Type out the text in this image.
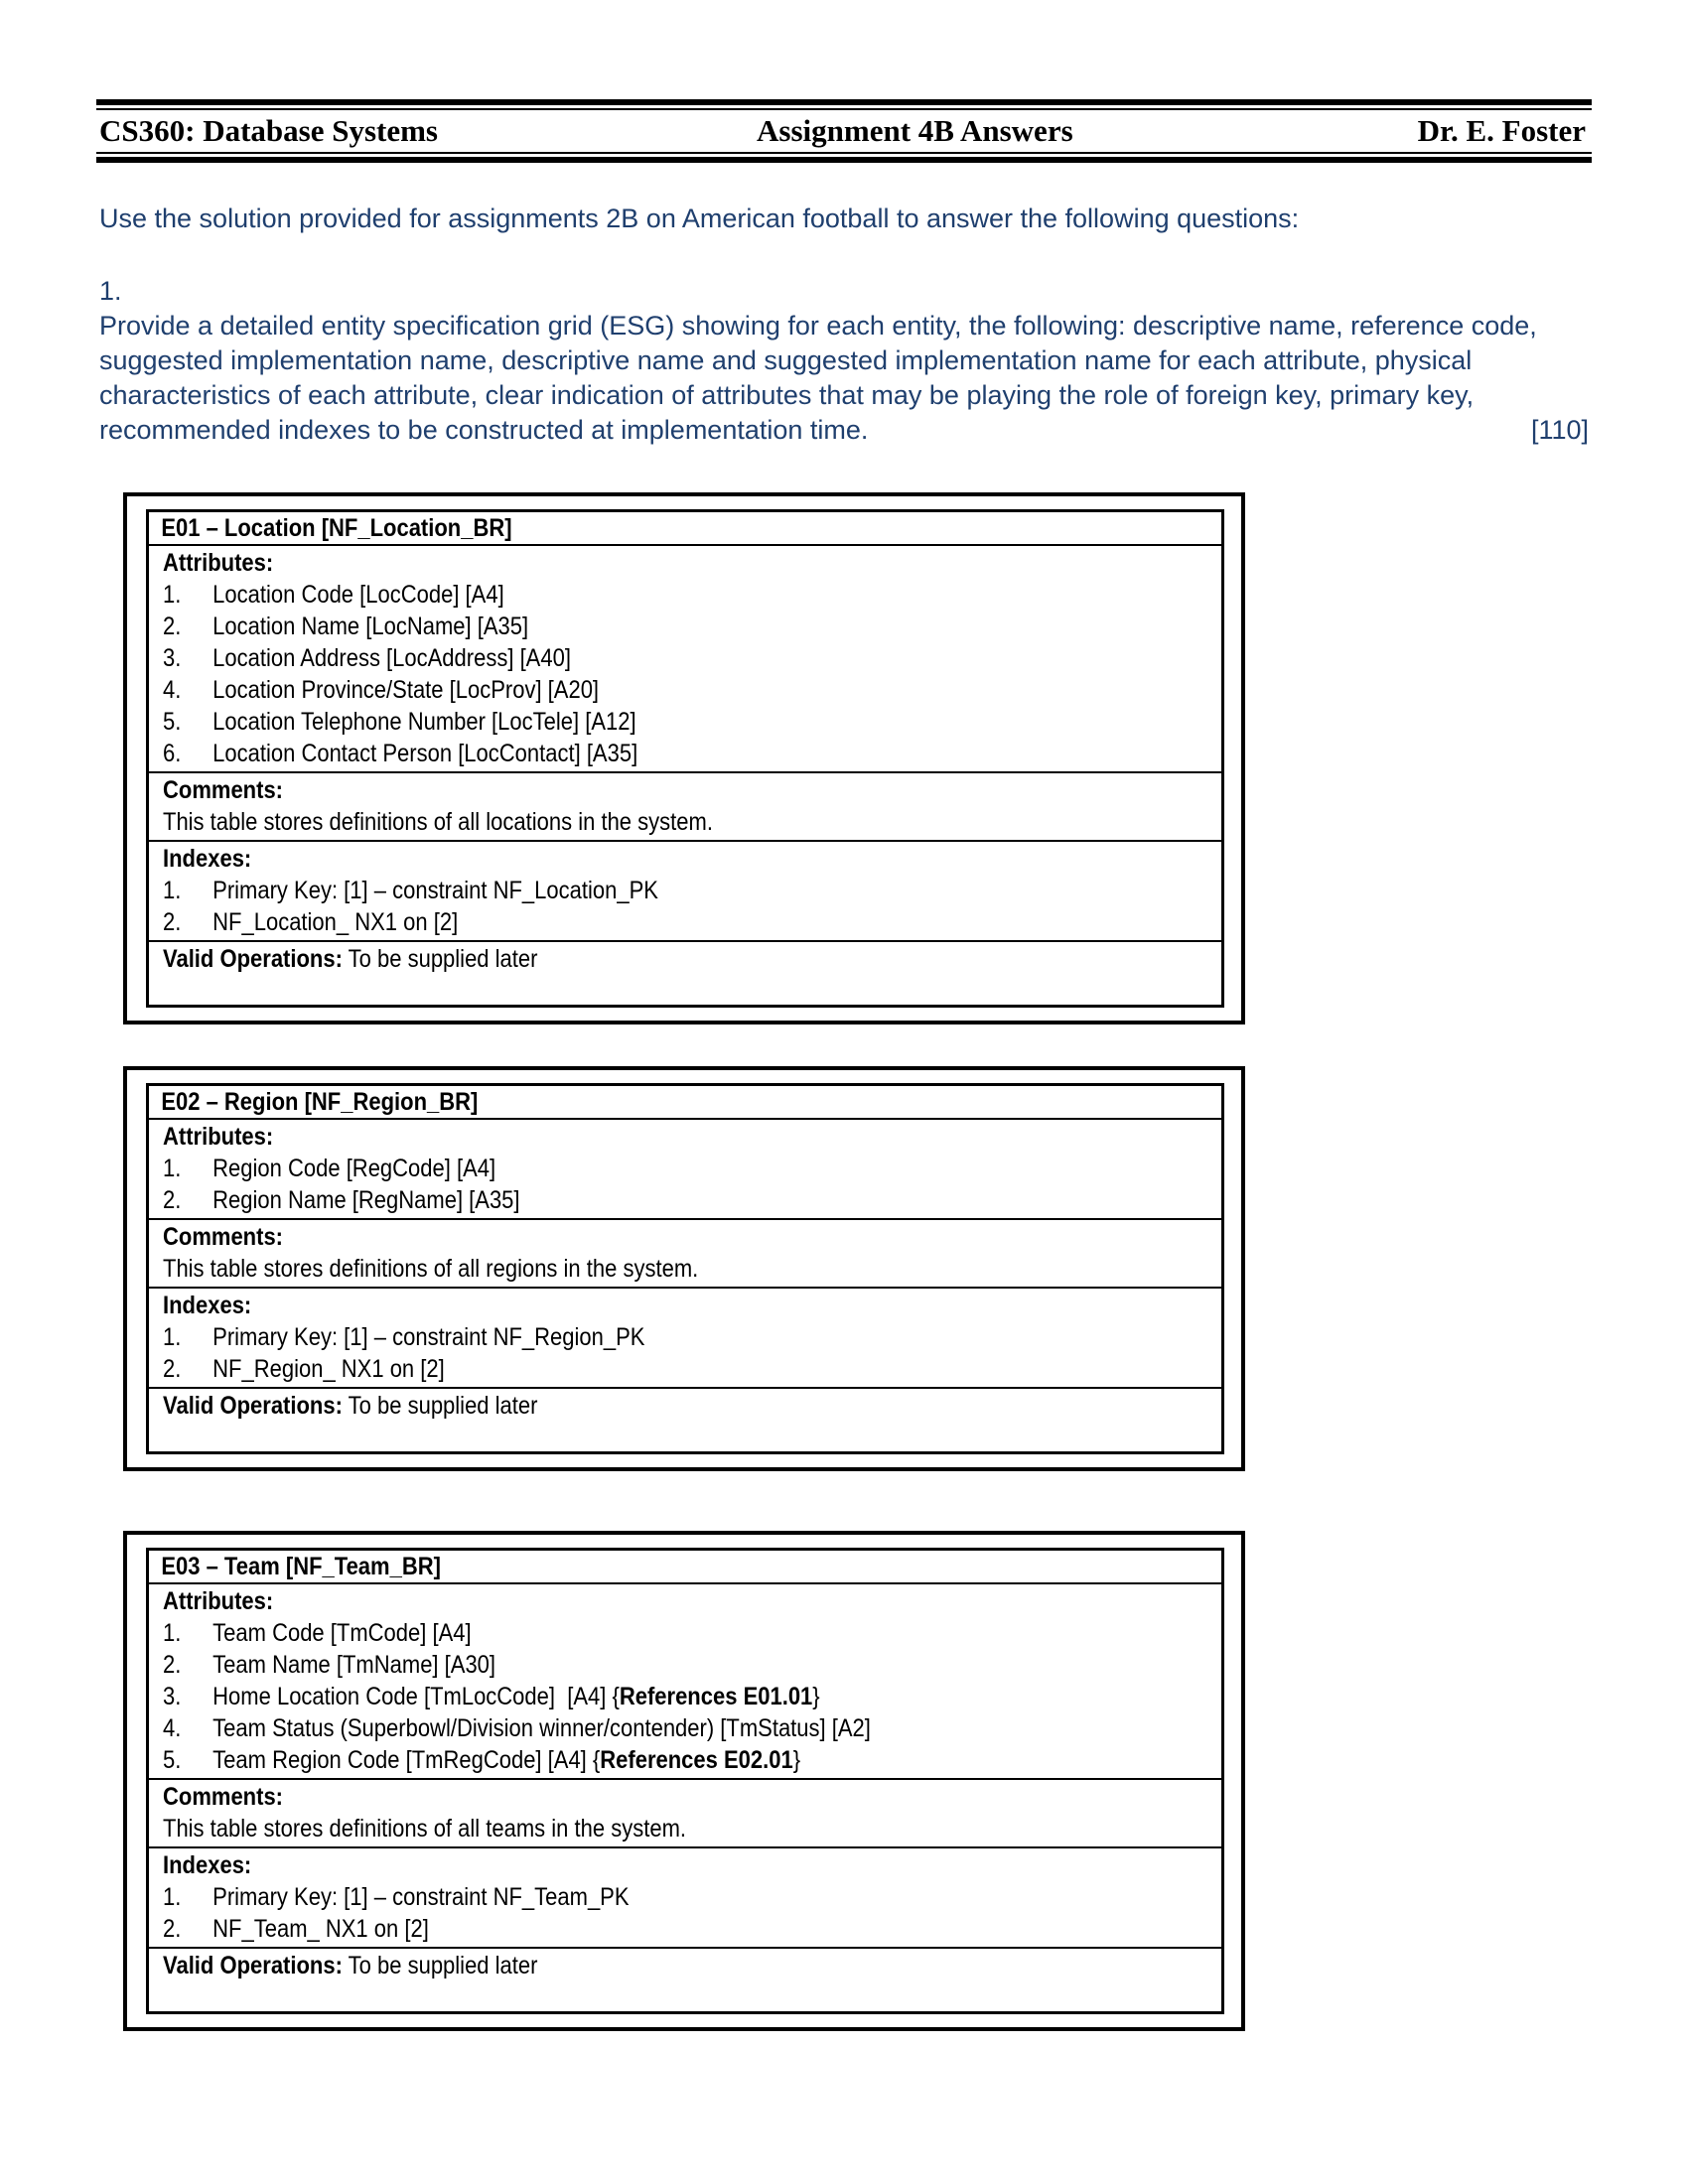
CS360: Database Systems	Assignment 4B Answers	Dr. E. Foster
Use the solution provided for assignments 2B on American football to answer the following questions:
1.
Provide a detailed entity specification grid (ESG) showing for each entity, the following: descriptive name, reference code, suggested implementation name, descriptive name and suggested implementation name for each attribute, physical characteristics of each attribute, clear indication of attributes that may be playing the role of foreign key, primary key, recommended indexes to be constructed at implementation time.	[110]
E01 – Location [NF_Location_BR]
Attributes:
1.	Location Code [LocCode] [A4]
2.	Location Name [LocName] [A35]
3.	Location Address [LocAddress] [A40]
4.	Location Province/State [LocProv] [A20]
5.	Location Telephone Number [LocTele] [A12]
6.	Location Contact Person [LocContact] [A35]
Comments:
This table stores definitions of all locations in the system.
Indexes:
1.	Primary Key: [1] – constraint NF_Location_PK
2.	NF_Location_ NX1 on [2]
Valid Operations: To be supplied later
E02 – Region [NF_Region_BR]
Attributes:
1.	Region Code [RegCode] [A4]
2.	Region Name [RegName] [A35]
Comments:
This table stores definitions of all regions in the system.
Indexes:
1.	Primary Key: [1] – constraint NF_Region_PK
2.	NF_Region_ NX1 on [2]
Valid Operations: To be supplied later
E03 – Team [NF_Team_BR]
Attributes:
1.	Team Code [TmCode] [A4]
2.	Team Name [TmName] [A30]
3.	Home Location Code [TmLocCode]  [A4] { References E01.01 }
4.	Team Status (Superbowl/Division winner/contender) [TmStatus] [A2]
5.	Team Region Code [TmRegCode] [A4] { References E02.01 }
Comments:
This table stores definitions of all teams in the system.
Indexes:
1.	Primary Key: [1] – constraint NF_Team_PK
2.	NF_Team_ NX1 on [2]
Valid Operations: To be supplied later
